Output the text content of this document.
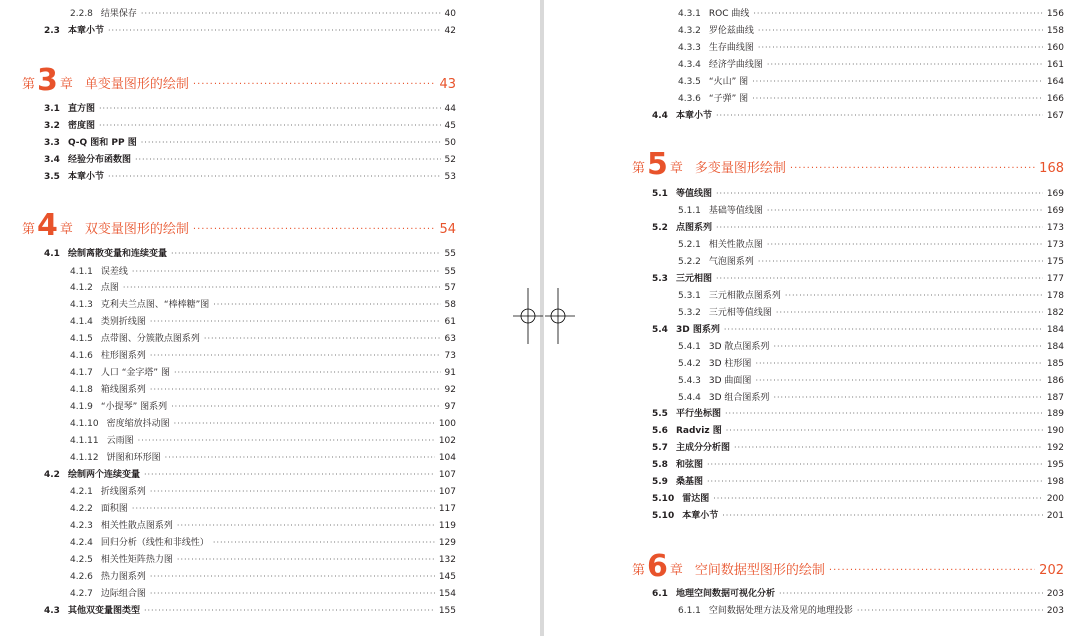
2.2.8 结果保存 ·····	40
2.3 本章小节 ·····	42
第 3 章 单变量图形的绘制 ·····	43
3.1 直方图 ·····	44
3.2 密度图 ·····	45
3.3 Q-Q 图和 PP 图 ·····	50
3.4 经验分布函数图 ·····	52
3.5 本章小节 ·····	53
第 4 章 双变量图形的绘制 ·····	54
4.1 绘制离散变量和连续变量 ·····	55
4.1.1 误差线 ·····	55
4.1.2 点图 ·····	57
4.1.3 克利夫兰点图、“棒棒糖”图 ·····	58
4.1.4 类别折线图 ·····	61
4.1.5 点带图、分簇散点图系列 ·····	63
4.1.6 柱形图系列 ·····	73
4.1.7 人口 “金字塔” 图 ·····	91
4.1.8 箱线图系列 ·····	92
4.1.9 “小提琴” 图系列 ·····	97
4.1.10 密度缩放抖动图 ·····	100
4.1.11 云雨图 ·····	102
4.1.12 饼图和环形图 ·····	104
4.2 绘制两个连续变量 ·····	107
4.2.1 折线图系列 ·····	107
4.2.2 面积图 ·····	117
4.2.3 相关性散点图系列 ·····	119
4.2.4 回归分析（线性和非线性） ·····	129
4.2.5 相关性矩阵热力图 ·····	132
4.2.6 热力图系列 ·····	145
4.2.7 边际组合图 ·····	154
4.3 其他双变量图类型 ·····	155
4.3.1 ROC 曲线 ·····	156
4.3.2 罗伦兹曲线 ·····	158
4.3.3 生存曲线图 ·····	160
4.3.4 经济学曲线图 ·····	161
4.3.5 “火山” 图 ·····	164
4.3.6 “子弹” 图 ·····	166
4.4 本章小节 ·····	167
第 5 章 多变量图形绘制 ·····	168
5.1 等值线图 ·····	169
5.1.1 基础等值线图 ·····	169
5.2 点图系列 ·····	173
5.2.1 相关性散点图 ·····	173
5.2.2 气泡图系列 ·····	175
5.3 三元相图 ·····	177
5.3.1 三元相散点图系列 ·····	178
5.3.2 三元相等值线图 ·····	182
5.4 3D 图系列 ·····	184
5.4.1 3D 散点图系列 ·····	184
5.4.2 3D 柱形图 ·····	185
5.4.3 3D 曲面图 ·····	186
5.4.4 3D 组合图系列 ·····	187
5.5 平行坐标图 ·····	189
5.6 Radviz 图 ·····	190
5.7 主成分分析图 ·····	192
5.8 和弦图 ·····	195
5.9 桑基图 ·····	198
5.10 雷达图 ·····	200
5.10 本章小节 ·····	201
第 6 章 空间数据型图形的绘制 ·····	202
6.1 地理空间数据可视化分析 ·····	203
6.1.1 空间数据处理方法及常见的地理投影 ·····	203
